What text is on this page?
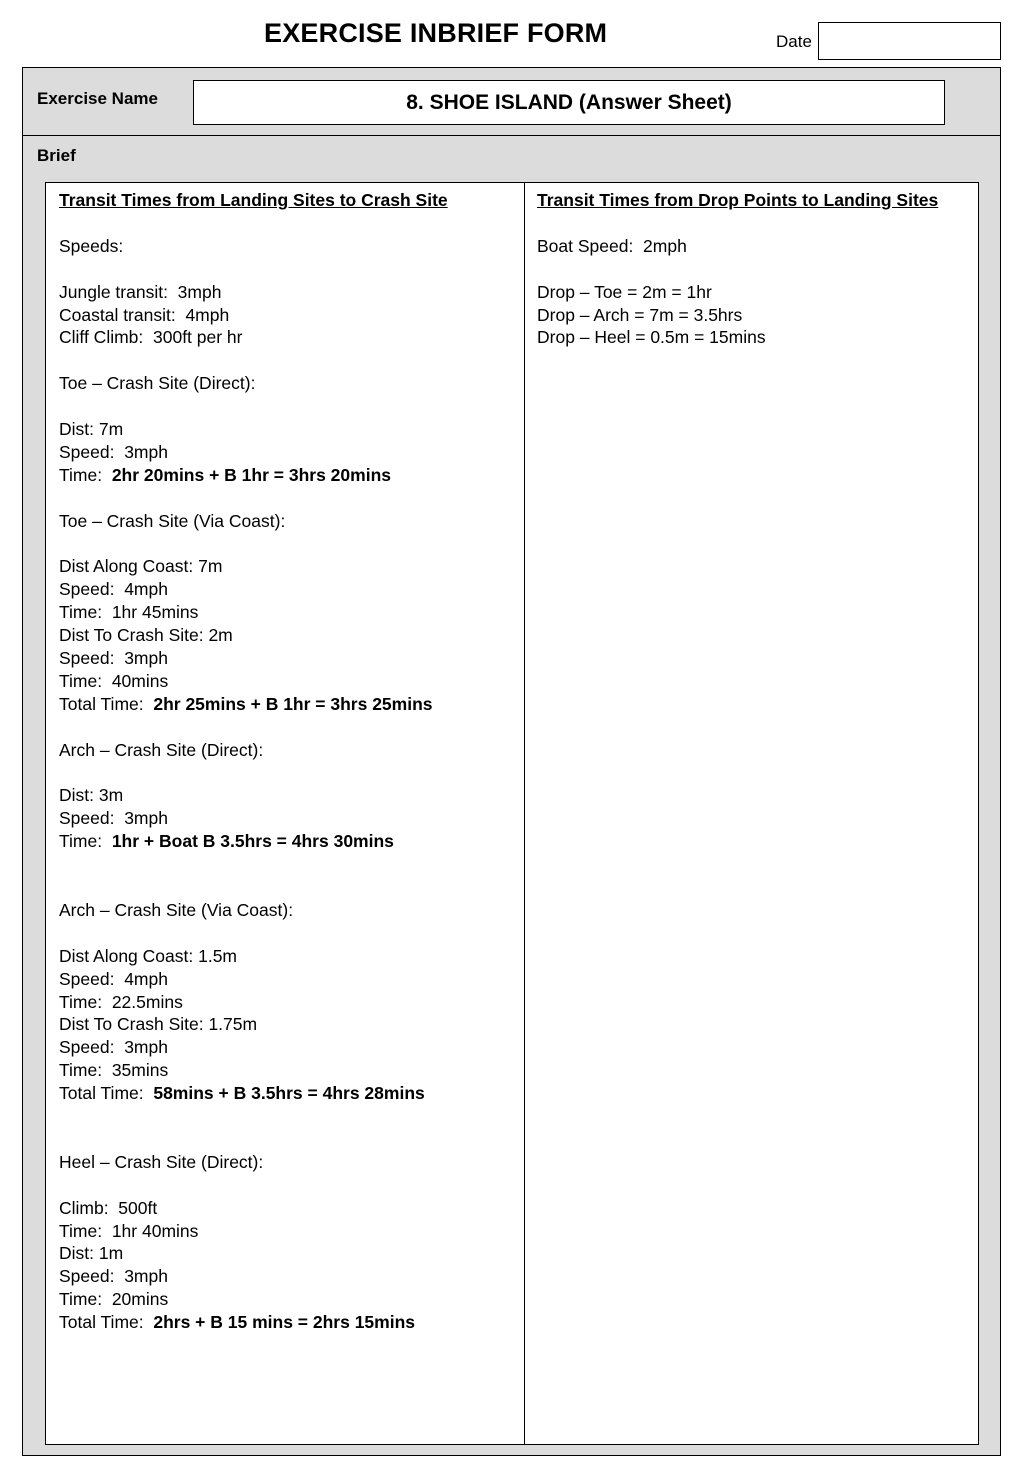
EXERCISE INBRIEF FORM	Date
Exercise Name	8. SHOE ISLAND (Answer Sheet)
Brief
Transit Times from Landing Sites to Crash Site
Speeds:
Jungle transit:  3mph
Coastal transit:  4mph
Cliff Climb:  300ft per hr
Toe – Crash Site (Direct):
Dist: 7m
Speed:  3mph
Time:  2hr 20mins + B 1hr = 3hrs 20mins
Toe – Crash Site (Via Coast):
Dist Along Coast: 7m
Speed:  4mph
Time:  1hr 45mins
Dist To Crash Site: 2m
Speed:  3mph
Time:  40mins
Total Time:  2hr 25mins + B 1hr = 3hrs 25mins
Arch – Crash Site (Direct):
Dist: 3m
Speed:  3mph
Time:  1hr + Boat B 3.5hrs = 4hrs 30mins
Arch – Crash Site (Via Coast):
Dist Along Coast: 1.5m
Speed:  4mph
Time:  22.5mins
Dist To Crash Site: 1.75m
Speed:  3mph
Time:  35mins
Total Time:  58mins + B 3.5hrs = 4hrs 28mins
Heel – Crash Site (Direct):
Climb:  500ft
Time:  1hr 40mins
Dist: 1m
Speed:  3mph
Time:  20mins
Total Time:  2hrs + B 15 mins = 2hrs 15mins
Transit Times from Drop Points to Landing Sites
Boat Speed:  2mph
Drop – Toe = 2m = 1hr
Drop – Arch = 7m = 3.5hrs
Drop – Heel = 0.5m = 15mins
